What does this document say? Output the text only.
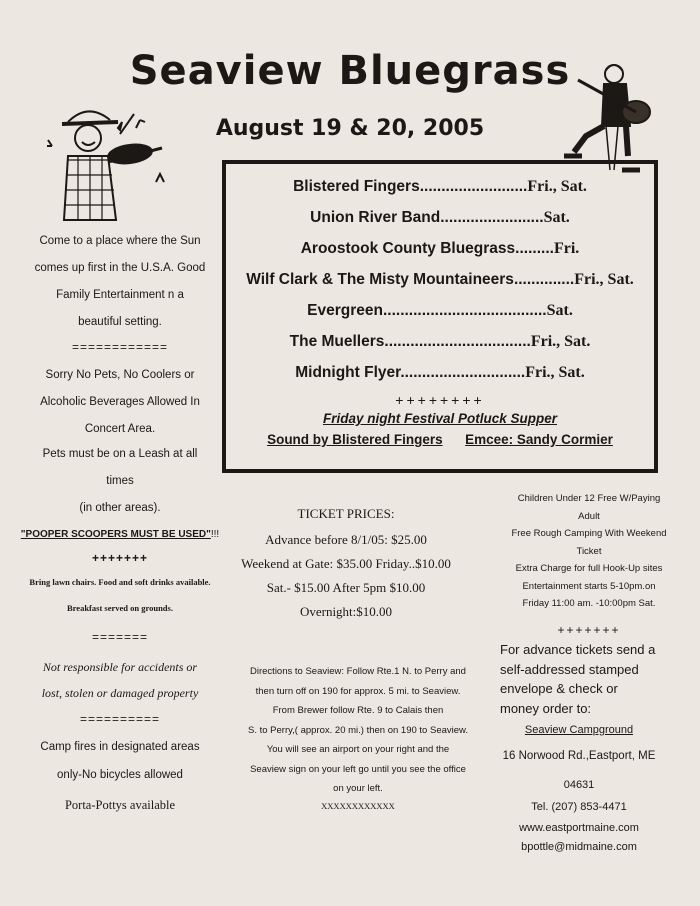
Seaview Bluegrass
August 19 & 20, 2005
Blistered Fingers.........................Fri., Sat.
Union River Band........................Sat.
Aroostook County Bluegrass.........Fri.
Wilf Clark & The Misty Mountaineers..............Fri., Sat.
Evergreen......................................Sat.
The Muellers..................................Fri., Sat.
Midnight Flyer.............................Fri., Sat.
++++++++
Friday night Festival Potluck Supper
Sound by Blistered Fingers Emcee: Sandy Cormier
Come to a place where the Sun
comes up first in the U.S.A. Good
Family Entertainment n a
beautiful setting.
============
Sorry No Pets, No Coolers or
Alcoholic Beverages Allowed In
Concert Area.
Pets must be on a Leash at all
times
(in other areas).
"POOPER SCOOPERS MUST BE USED"!!!
+++++++
Bring lawn chairs. Food and soft drinks available.
Breakfast served on grounds.
=======
Not responsible for accidents or
lost, stolen or damaged property
==========
Camp fires in designated areas
only-No bicycles allowed
Porta-Pottys available
TICKET PRICES:
Advance before 8/1/05: $25.00
Weekend at Gate: $35.00 Friday..$10.00
Sat.- $15.00 After 5pm $10.00
Overnight:$10.00
Directions to Seaview: Follow Rte.1 N. to Perry and
then turn off on 190 for approx. 5 mi. to Seaview.
From Brewer follow Rte. 9 to Calais then
S. to Perry,( approx. 20 mi.) then on 190 to Seaview.
You will see an airport on your right and the
Seaview sign on your left go until you see the office
on your left.
XXXXXXXXXXXX
Children Under 12 Free W/Paying
Adult
Free Rough Camping With Weekend
Ticket
Extra Charge for full Hook-Up sites
Entertainment starts 5-10pm.on
Friday 11:00 am. -10:00pm Sat.
+++++++
For advance tickets send a
self-addressed stamped
envelope & check or
money order to:
Seaview Campground
16 Norwood Rd.,Eastport, ME
04631
Tel. (207) 853-4471
www.eastportmaine.com
bpottle@midmaine.com
